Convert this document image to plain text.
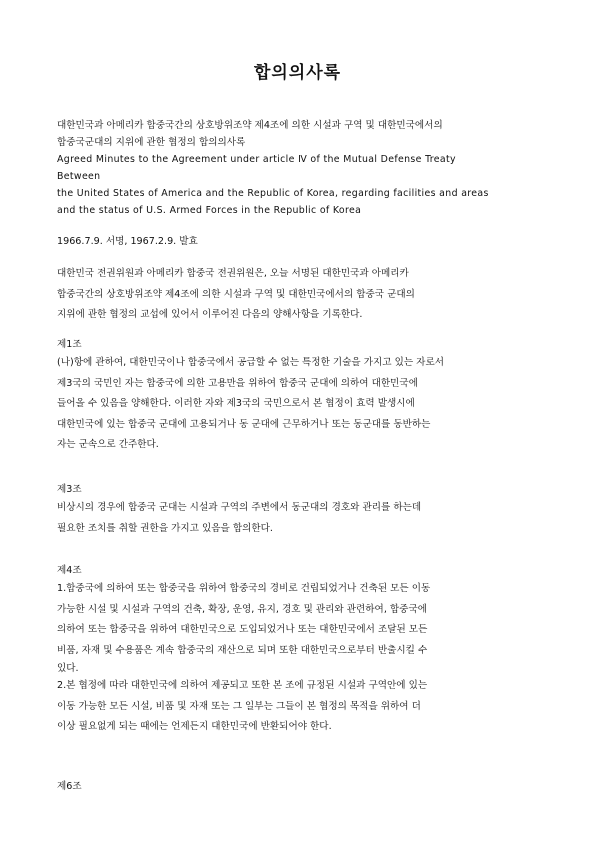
합의의사록
대한민국과 아메리카 합중국간의 상호방위조약 제4조에 의한 시설과 구역 및 대한민국에서의
합중국군대의 지위에 관한 협정의 합의의사록
Agreed Minutes to the Agreement under article Ⅳ of the Mutual Defense Treaty
Between
the United States of America and the Republic of Korea, regarding facilities and areas
and the status of U.S. Armed Forces in the Republic of Korea
1966.7.9. 서명, 1967.2.9. 발효
대한민국 전권위원과 아메리카 합중국 전권위원은, 오늘 서명된 대한민국과 아메리카
합중국간의 상호방위조약 제4조에 의한 시설과 구역 및 대한민국에서의 합중국 군대의
지위에 관한 협정의 교섭에 있어서 이루어진 다음의 양해사항을 기록한다.
제1조
(나)항에 관하여, 대한민국이나 합중국에서 공급할 수 없는 특정한 기술을 가지고 있는 자로서
제3국의 국민인 자는 합중국에 의한 고용만을 위하여 합중국 군대에 의하여 대한민국에
들어올 수 있음을 양해한다. 이러한 자와 제3국의 국민으로서 본 협정이 효력 발생시에
대한민국에 있는 합중국 군대에 고용되거나 동 군대에 근무하거나 또는 동군대를 동반하는
자는 군속으로 간주한다.
제3조
비상시의 경우에 합중국 군대는 시설과 구역의 주변에서 동군대의 경호와 관리를 하는데
필요한 조치를 취할 권한을 가지고 있음을 합의한다.
제4조
1.합중국에 의하여 또는 합중국을 위하여 합중국의 경비로 건립되었거나 건축된 모든 이동
가능한 시설 및 시설과 구역의 건축, 확장, 운영, 유지, 경호 및 관리와 관련하여, 합중국에
의하여 또는 합중국을 위하여 대한민국으로 도입되었거나 또는 대한민국에서 조달된 모든
비품, 자재 및 수용품은 계속 합중국의 재산으로 되며 또한 대한민국으로부터 반출시킬 수
있다.
2.본 협정에 따라 대한민국에 의하여 제공되고 또한 본 조에 규정된 시설과 구역안에 있는
이동 가능한 모든 시설, 비품 및 자재 또는 그 일부는 그들이 본 협정의 목적을 위하여 더
이상 필요없게 되는 때에는 언제든지 대한민국에 반환되어야 한다.
제6조
